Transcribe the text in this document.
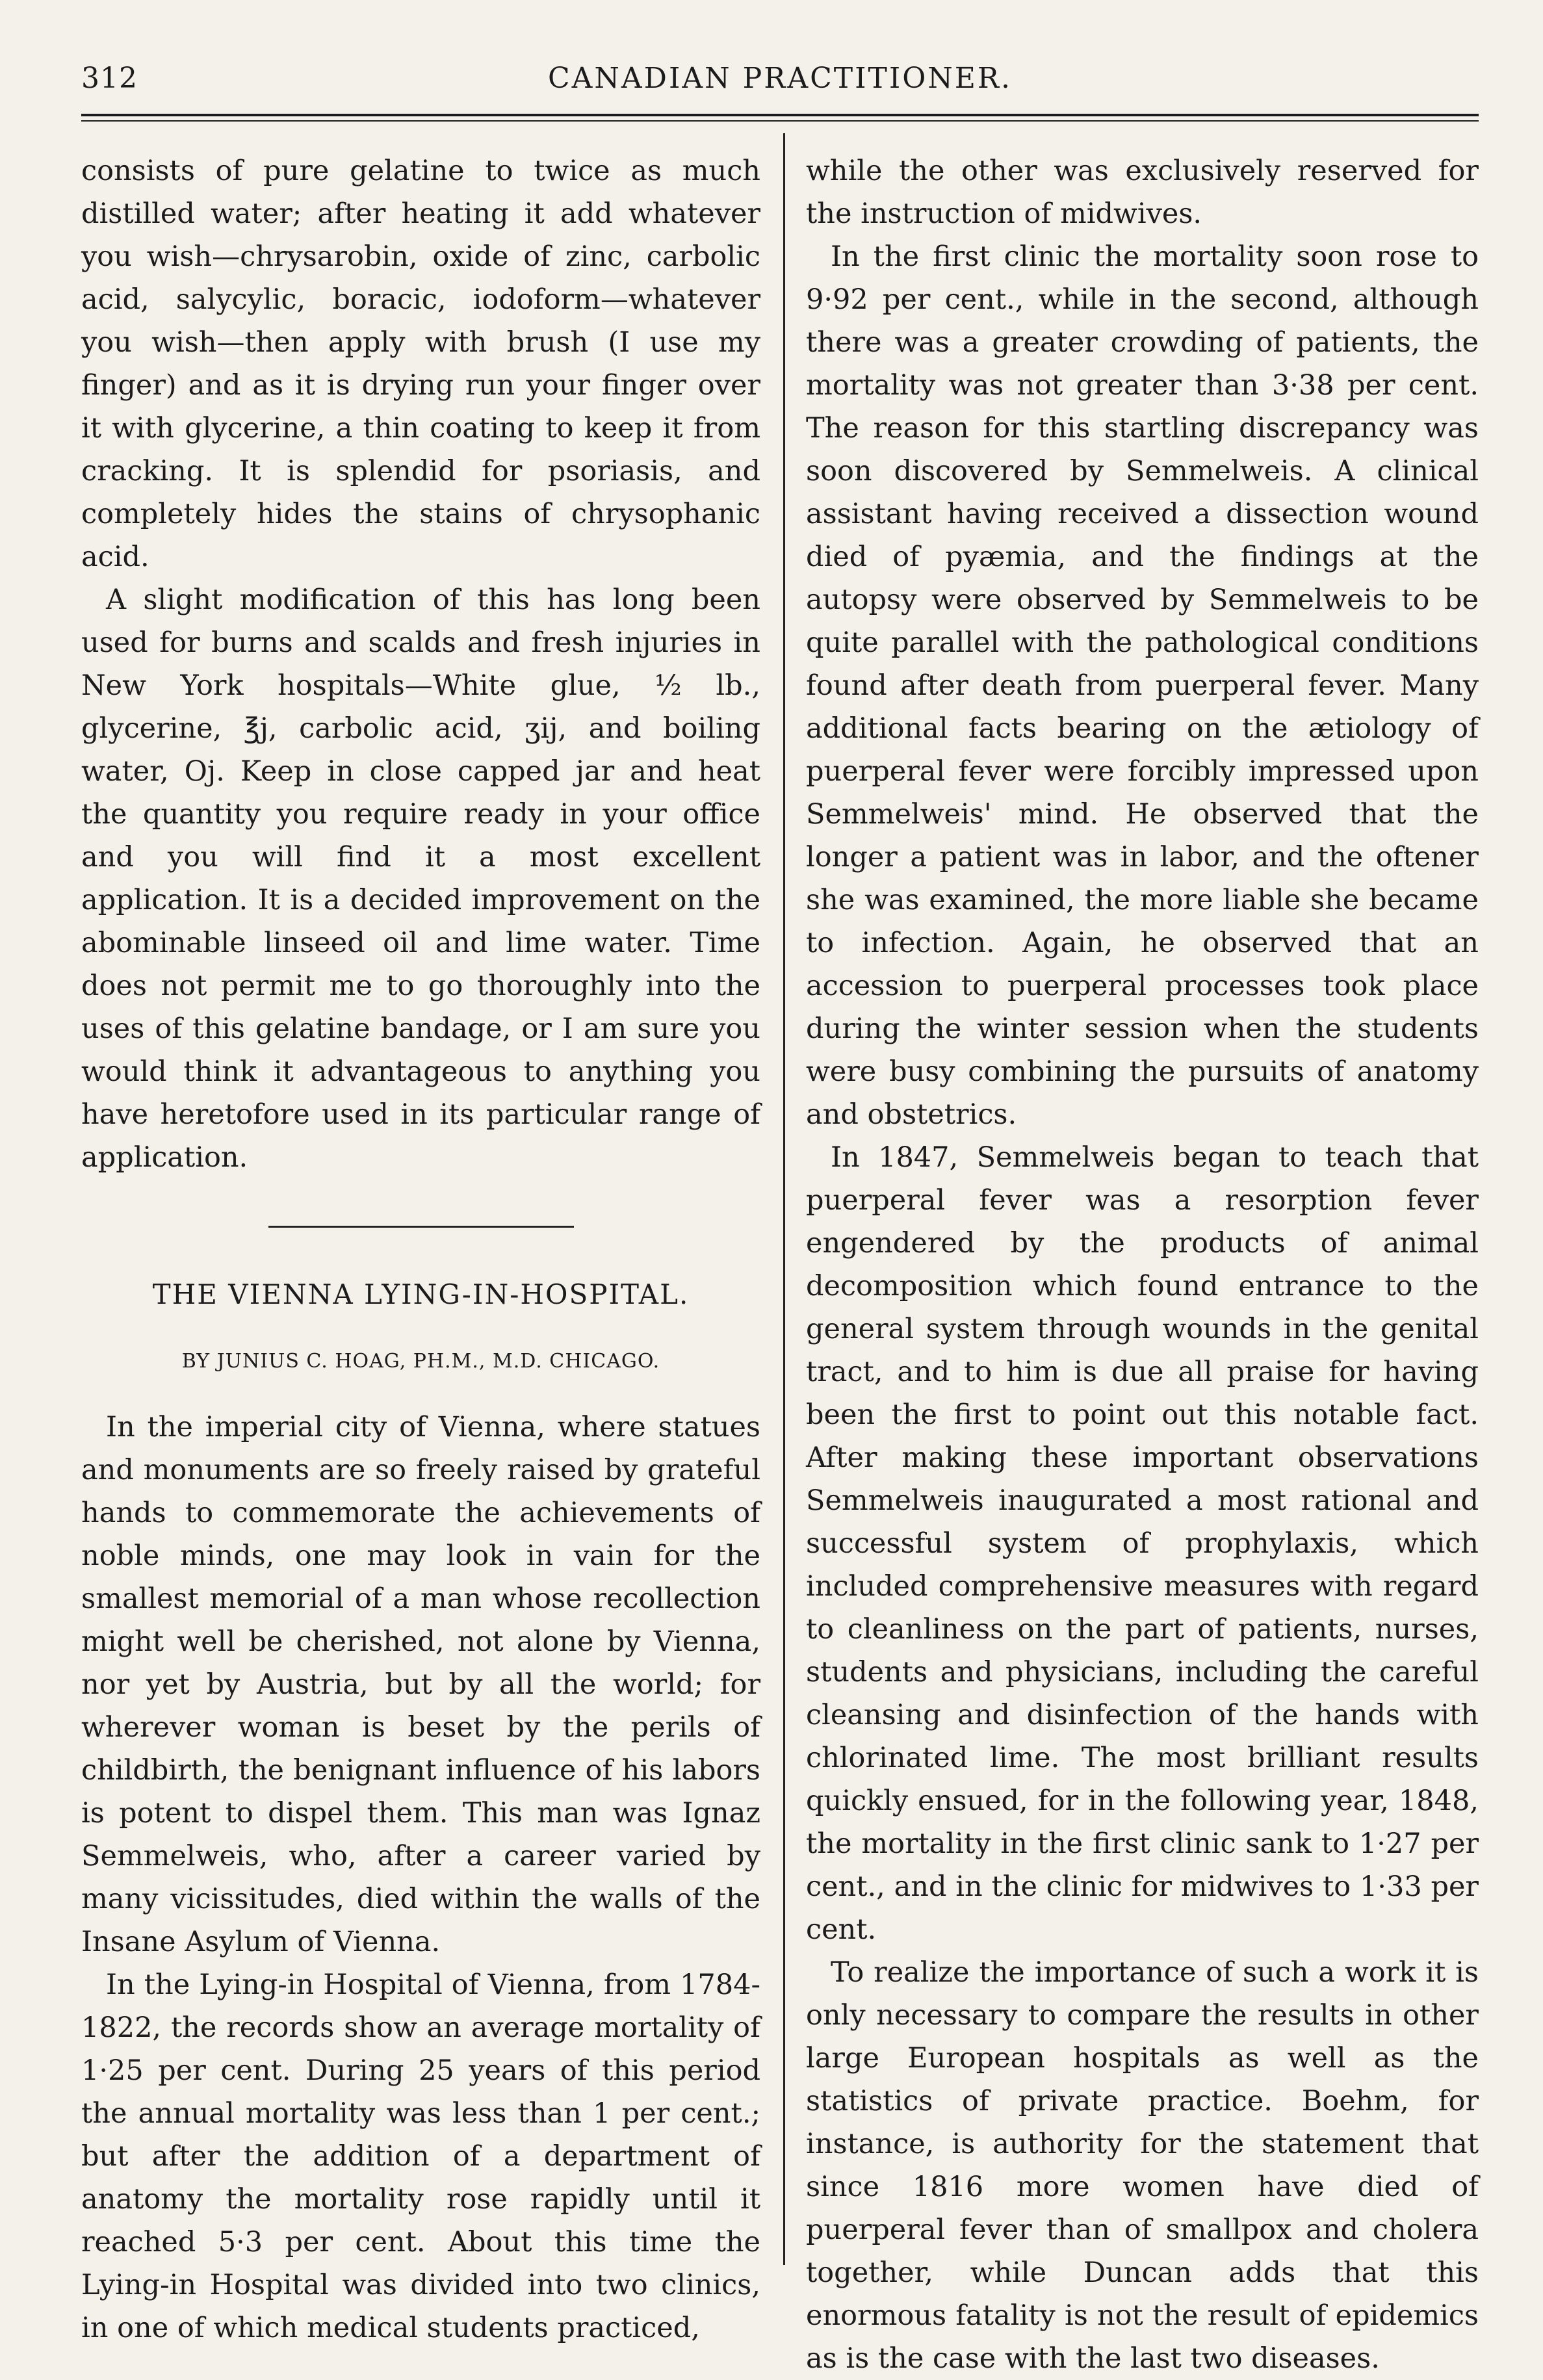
312	CANADIAN PRACTITIONER.

consists of pure gelatine to twice as much distilled water; after heating it add whatever you wish—chrysarobin, oxide of zinc, carbolic acid, salycylic, boracic, iodoform—whatever you wish—then apply with brush (I use my finger) and as it is drying run your finger over it with glycerine, a thin coating to keep it from cracking. It is splendid for psoriasis, and completely hides the stains of chrysophanic acid.

A slight modification of this has long been used for burns and scalds and fresh injuries in New York hospitals—White glue, ½ lb., glycerine, ℥j, carbolic acid, ʒij, and boiling water, Oj. Keep in close capped jar and heat the quantity you require ready in your office and you will find it a most excellent application. It is a decided improvement on the abominable linseed oil and lime water. Time does not permit me to go thoroughly into the uses of this gelatine bandage, or I am sure you would think it advantageous to anything you have heretofore used in its particular range of application.

THE VIENNA LYING-IN-HOSPITAL.
BY JUNIUS C. HOAG, PH.M., M.D. CHICAGO.

In the imperial city of Vienna, where statues and monuments are so freely raised by grateful hands to commemorate the achievements of noble minds, one may look in vain for the smallest memorial of a man whose recollection might well be cherished, not alone by Vienna, nor yet by Austria, but by all the world; for wherever woman is beset by the perils of childbirth, the benignant influence of his labors is potent to dispel them. This man was Ignaz Semmelweis, who, after a career varied by many vicissitudes, died within the walls of the Insane Asylum of Vienna.

In the Lying-in Hospital of Vienna, from 1784-1822, the records show an average mortality of 1·25 per cent. During 25 years of this period the annual mortality was less than 1 per cent.; but after the addition of a department of anatomy the mortality rose rapidly until it reached 5·3 per cent. About this time the Lying-in Hospital was divided into two clinics, in one of which medical students practiced,

while the other was exclusively reserved for the instruction of midwives.

In the first clinic the mortality soon rose to 9·92 per cent., while in the second, although there was a greater crowding of patients, the mortality was not greater than 3·38 per cent. The reason for this startling discrepancy was soon discovered by Semmelweis. A clinical assistant having received a dissection wound died of pyæmia, and the findings at the autopsy were observed by Semmelweis to be quite parallel with the pathological conditions found after death from puerperal fever. Many additional facts bearing on the ætiology of puerperal fever were forcibly impressed upon Semmelweis' mind. He observed that the longer a patient was in labor, and the oftener she was examined, the more liable she became to infection. Again, he observed that an accession to puerperal processes took place during the winter session when the students were busy combining the pursuits of anatomy and obstetrics.

In 1847, Semmelweis began to teach that puerperal fever was a resorption fever engendered by the products of animal decomposition which found entrance to the general system through wounds in the genital tract, and to him is due all praise for having been the first to point out this notable fact. After making these important observations Semmelweis inaugurated a most rational and successful system of prophylaxis, which included comprehensive measures with regard to cleanliness on the part of patients, nurses, students and physicians, including the careful cleansing and disinfection of the hands with chlorinated lime. The most brilliant results quickly ensued, for in the following year, 1848, the mortality in the first clinic sank to 1·27 per cent., and in the clinic for midwives to 1·33 per cent.

To realize the importance of such a work it is only necessary to compare the results in other large European hospitals as well as the statistics of private practice. Boehm, for instance, is authority for the statement that since 1816 more women have died of puerperal fever than of smallpox and cholera together, while Duncan adds that this enormous fatality is not the result of epidemics as is the case with the last two diseases.
